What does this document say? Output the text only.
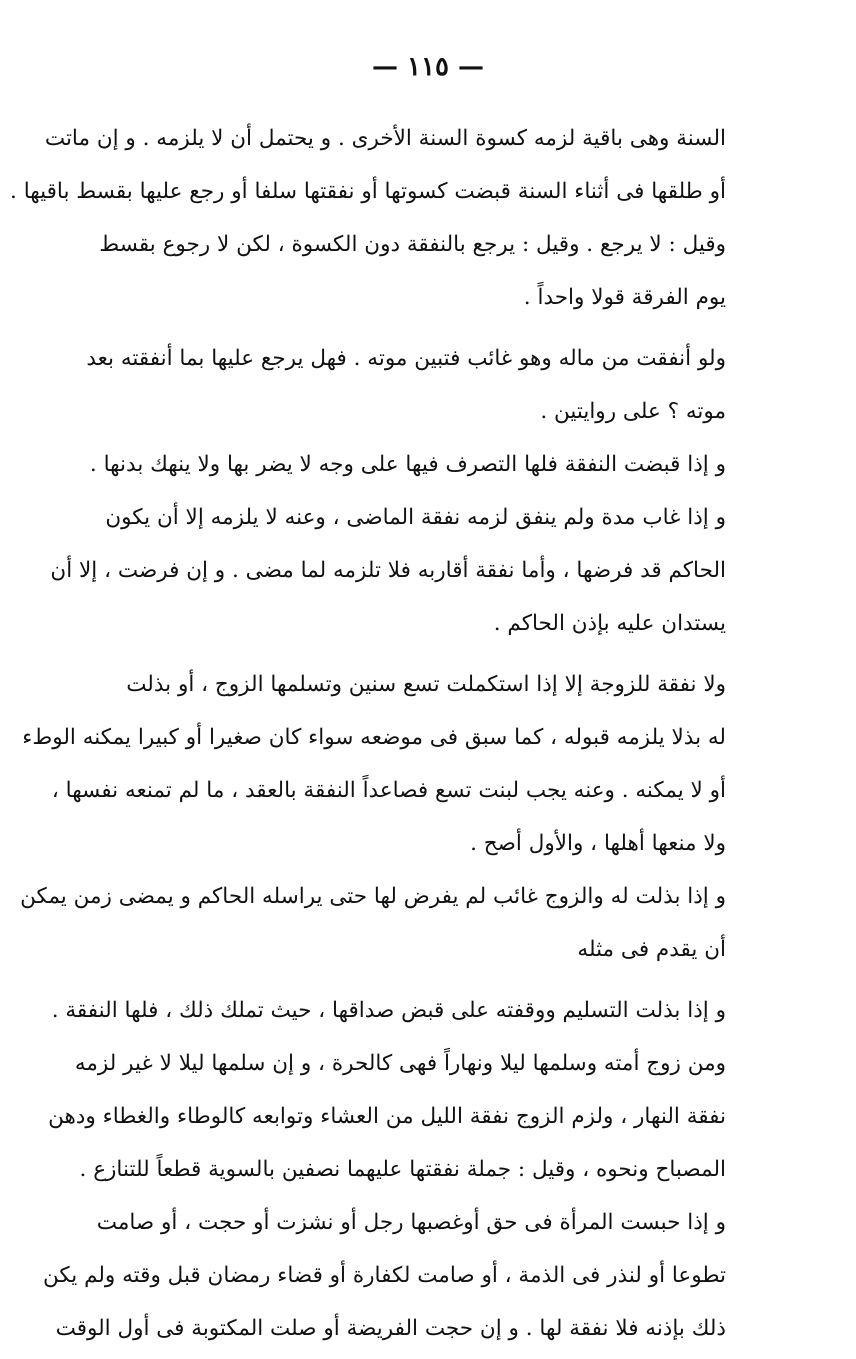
— ١١٥ —
السنة وهى باقية لزمه كسوة السنة الأخرى . و يحتمل أن لا يلزمه . و إن ماتت
أو طلقها فى أثناء السنة قبضت كسوتها أو نفقتها سلفا أو رجع عليها بقسط باقيها .
وقيل : لا يرجع . وقيل : يرجع بالنفقة دون الكسوة ، لكن لا رجوع بقسط
يوم الفرقة قولا واحداً .
ولو أنفقت من ماله وهو غائب فتبين موته . فهل يرجع عليها بما أنفقته بعد
موته ؟ على روايتين .
و إذا قبضت النفقة فلها التصرف فيها على وجه لا يضر بها ولا ينهك بدنها .
و إذا غاب مدة ولم ينفق لزمه نفقة الماضى ، وعنه لا يلزمه إلا أن يكون
الحاكم قد فرضها ، وأما نفقة أقاربه فلا تلزمه لما مضى . و إن فرضت ، إلا أن
يستدان عليه بإذن الحاكم .
ولا نفقة للزوجة إلا إذا استكملت تسع سنين وتسلمها الزوج ، أو بذلت
له بذلا يلزمه قبوله ، كما سبق فى موضعه سواء كان صغيرا أو كبيرا يمكنه الوطء
أو لا يمكنه . وعنه يجب لبنت تسع فصاعداً النفقة بالعقد ، ما لم تمنعه نفسها ،
ولا منعها أهلها ، والأول أصح .
و إذا بذلت له والزوج غائب لم يفرض لها حتى يراسله الحاكم و يمضى زمن يمكن
أن يقدم فى مثله
و إذا بذلت التسليم ووقفته على قبض صداقها ، حيث تملك ذلك ، فلها النفقة .
ومن زوج أمته وسلمها ليلا ونهاراً فهى كالحرة ، و إن سلمها ليلا لا غير لزمه
نفقة النهار ، ولزم الزوج نفقة الليل من العشاء وتوابعه كالوطاء والغطاء ودهن
المصباح ونحوه ، وقيل : جملة نفقتها عليهما نصفين بالسوية قطعاً للتنازع .
و إذا حبست المرأة فى حق أوغصبها رجل أو نشزت أو حجت ، أو صامت
تطوعا أو لنذر فى الذمة ، أو صامت لكفارة أو قضاء رمضان قبل وقته ولم يكن
ذلك بإذنه فلا نفقة لها . و إن حجت الفريضة أو صلت المكتوبة فى أول الوقت
